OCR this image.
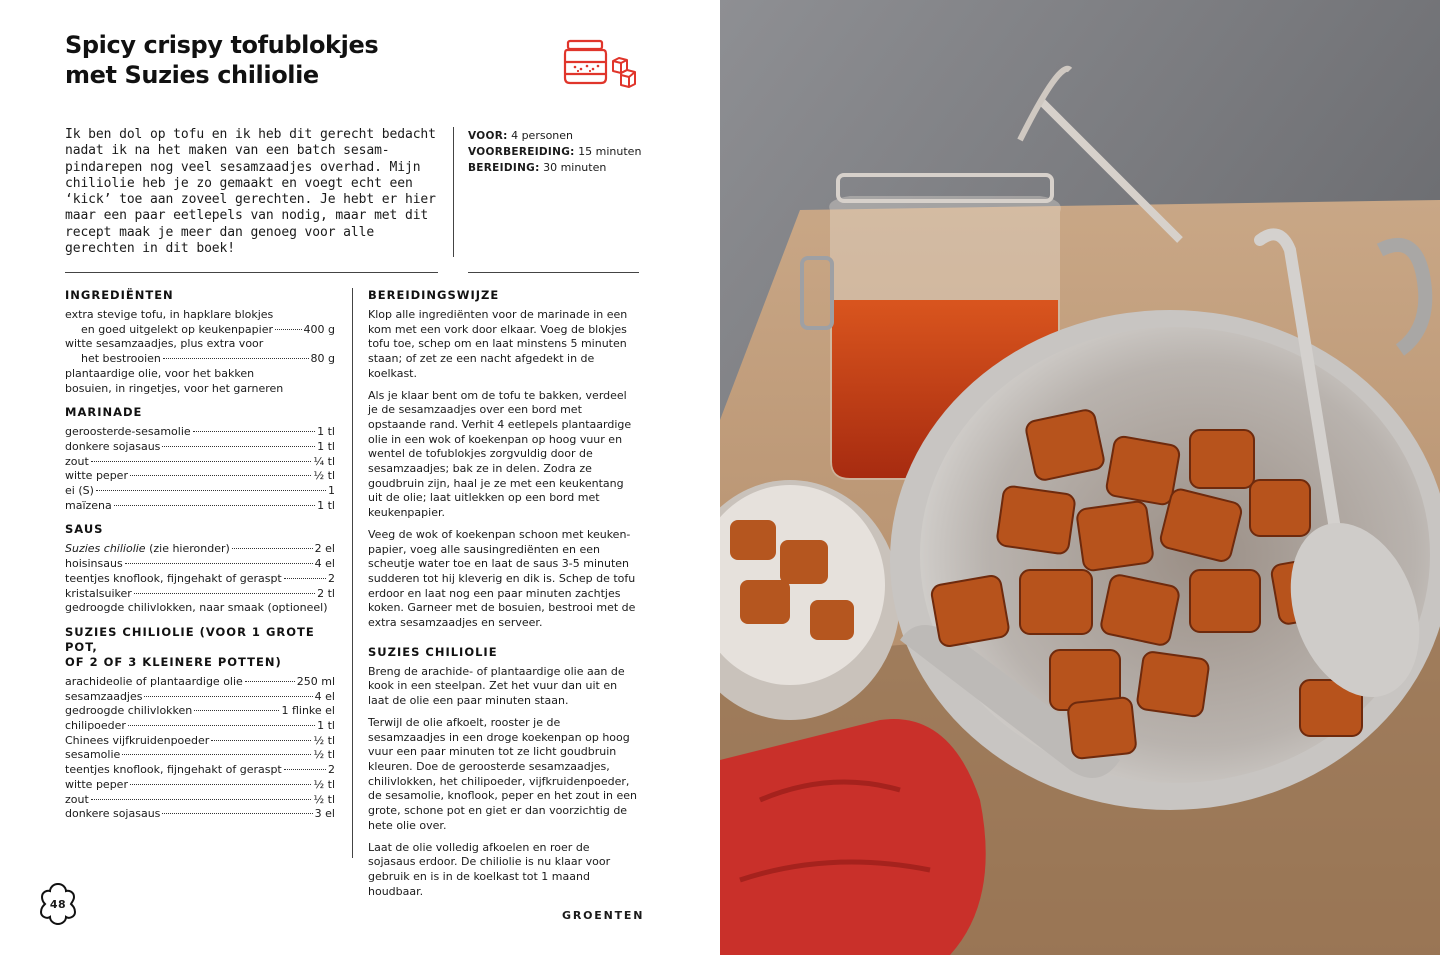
Spicy crispy tofublokjes
met Suzies chiliolie

Ik ben dol op tofu en ik heb dit gerecht bedacht nadat ik na het maken van een batch sesam-pindarepen nog veel sesamzaadjes overhad. Mijn chiliolie heb je zo gemaakt en voegt echt een ‘kick’ toe aan zoveel gerechten. Je hebt er hier maar een paar eetlepels van nodig, maar met dit recept maak je meer dan genoeg voor alle gerechten in dit boek!

VOOR: 4 personen
VOORBEREIDING: 15 minuten
BEREIDING: 30 minuten
INGREDIËNTEN
extra stevige tofu, in hapklare blokjes
en goed uitgelekt op keukenpapier	400 g
witte sesamzaadjes, plus extra voor
het bestrooien	80 g
plantaardige olie, voor het bakken
bosuien, in ringetjes, voor het garneren
MARINADE
geroosterde-sesamolie	1 tl
donkere sojasaus	1 tl
zout	¼ tl
witte peper	½ tl
ei (S)	1
maïzena	1 tl
SAUS
Suzies chiliolie (zie hieronder)	2 el
hoisinsaus	4 el
teentjes knoflook, fijngehakt of geraspt	2
kristalsuiker	2 tl
gedroogde chilivlokken, naar smaak (optioneel)
SUZIES CHILIOLIE (VOOR 1 GROTE POT,
OF 2 OF 3 KLEINERE POTTEN)
arachideolie of plantaardige olie	250 ml
sesamzaadjes	4 el
gedroogde chilivlokken	1 flinke el
chilipoeder	1 tl
Chinees vijfkruidenpoeder	½ tl
sesamolie	½ tl
teentjes knoflook, fijngehakt of geraspt	2
witte peper	½ tl
zout	½ tl
donkere sojasaus	3 el
BEREIDINGSWIJZE

Klop alle ingrediënten voor de marinade in een kom met een vork door elkaar. Voeg de blokjes tofu toe, schep om en laat minstens 5 minuten staan; of zet ze een nacht afgedekt in de koelkast.

Als je klaar bent om de tofu te bakken, verdeel je de sesamzaadjes over een bord met opstaande rand. Verhit 4 eetlepels plantaardige olie in een wok of koekenpan op hoog vuur en wentel de tofublokjes zorgvuldig door de sesamzaadjes; bak ze in delen. Zodra ze goudbruin zijn, haal je ze met een keukentang uit de olie; laat uitlekken op een bord met keukenpapier.

Veeg de wok of koekenpan schoon met keuken-papier, voeg alle sausingrediënten en een scheutje water toe en laat de saus 3-5 minuten sudderen tot hij kleverig en dik is. Schep de tofu erdoor en laat nog een paar minuten zachtjes koken. Garneer met de bosuien, bestrooi met de extra sesamzaadjes en serveer.

SUZIES CHILIOLIE

Breng de arachide- of plantaardige olie aan de kook in een steelpan. Zet het vuur dan uit en laat de olie een paar minuten staan.

Terwijl de olie afkoelt, rooster je de sesamzaadjes in een droge koekenpan op hoog vuur een paar minuten tot ze licht goudbruin kleuren. Doe de geroosterde sesamzaadjes, chilivlokken, het chilipoeder, vijfkruidenpoeder, de sesamolie, knoflook, peper en het zout in een grote, schone pot en giet er dan voorzichtig de hete olie over.

Laat de olie volledig afkoelen en roer de sojasaus erdoor. De chiliolie is nu klaar voor gebruik en is in de koelkast tot 1 maand houdbaar.

48
GROENTEN
